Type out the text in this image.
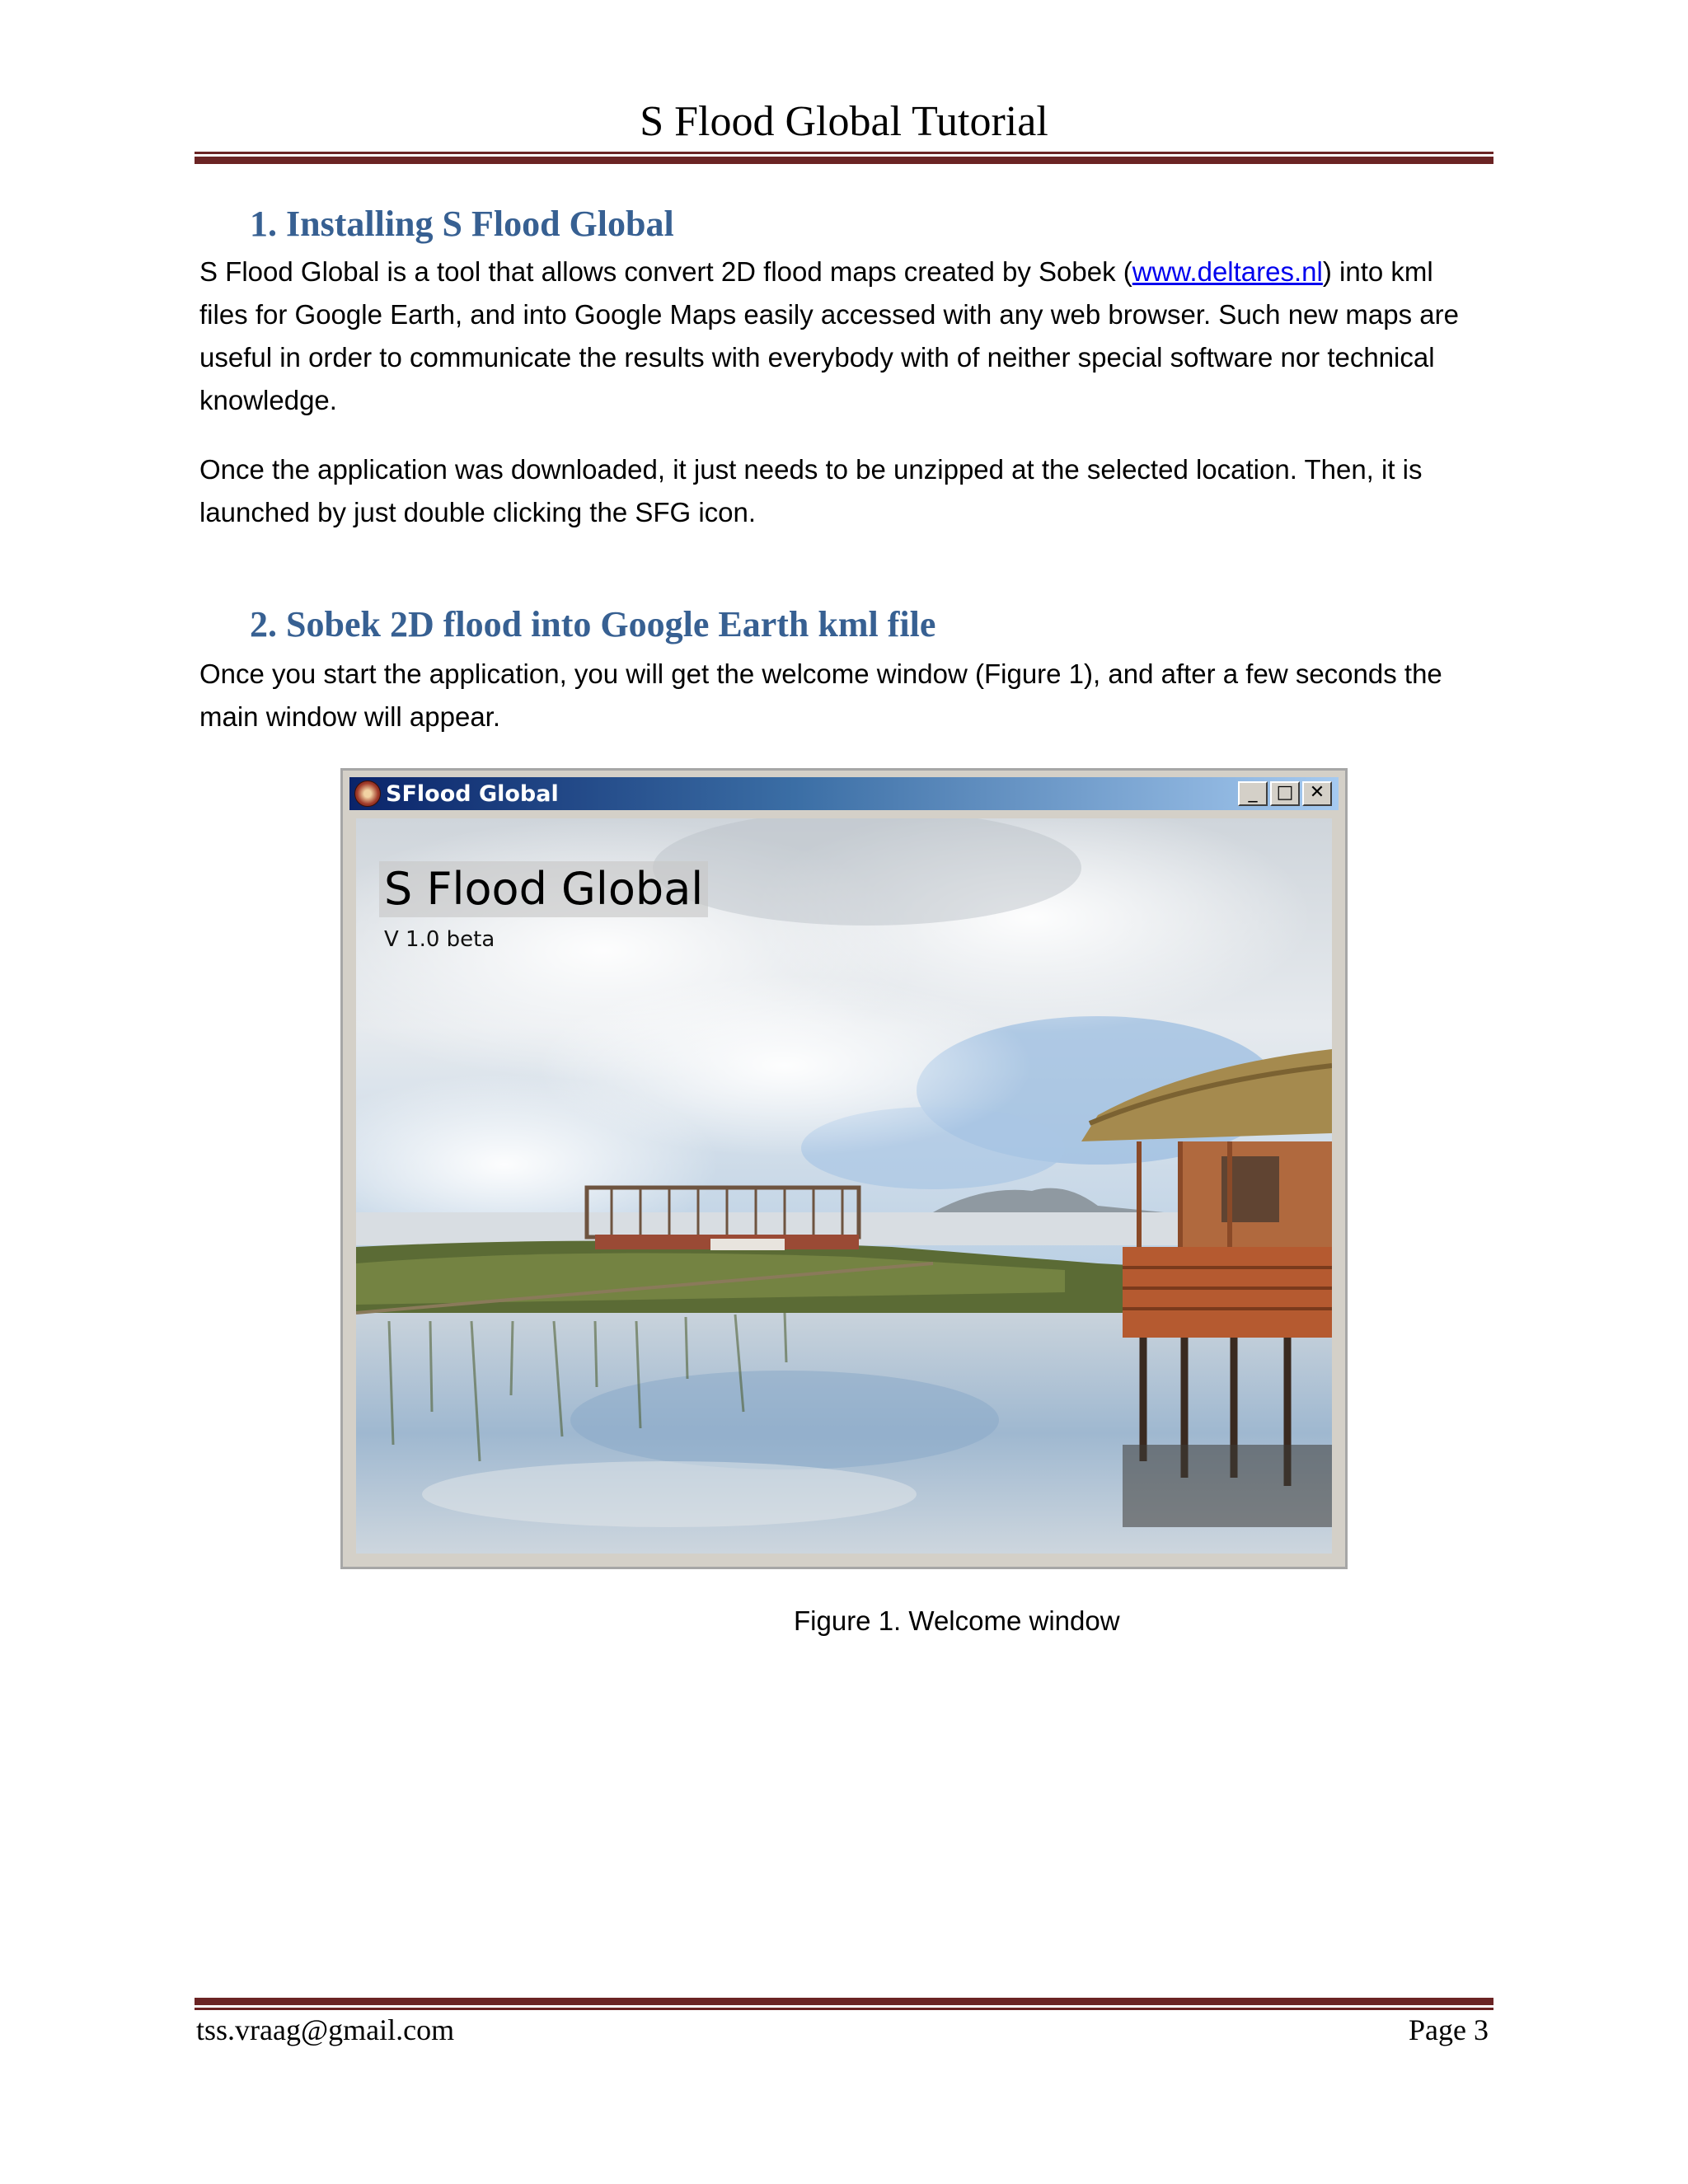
S Flood Global Tutorial
1. Installing S Flood Global
S Flood Global is a tool that allows convert 2D flood maps created by Sobek (www.deltares.nl) into kml
files for Google Earth, and into Google Maps easily accessed with any web browser. Such new maps are
useful in order to communicate the results with everybody with of neither special software nor technical
knowledge.
Once the application was downloaded, it just needs to be unzipped at the selected location. Then, it is
launched by just double clicking the SFG icon.
2. Sobek 2D flood into Google Earth kml file
Once you start the application, you will get the welcome window (Figure 1), and after a few seconds the
main window will appear.
SFlood Global	_	□ ✕
S Flood Global
V 1.0 beta
Figure 1. Welcome window
tss.vraag@gmail.com	Page 3
